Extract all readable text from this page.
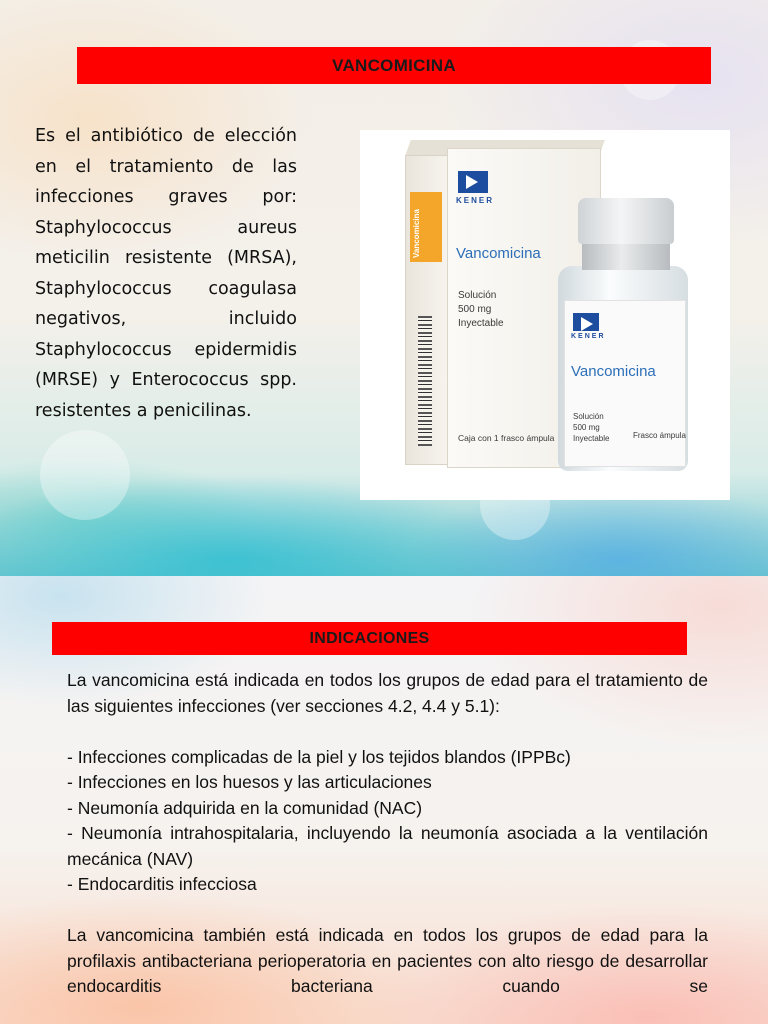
VANCOMICINA

Es el antibiótico de elección en el tratamiento de las infecciones graves por: Staphylococcus aureus meticilin resistente (MRSA), Staphylococcus coagulasa negativos, incluido Staphylococcus epidermidis (MRSE) y Enterococcus spp. resistentes a penicilinas.

Vancomicina
KENER
Vancomicina
Solución
500 mg
Inyectable
Caja con 1 frasco ámpula
KENER
Vancomicina
Solución
500 mg
Inyectable	Frasco ámpula
INDICACIONES

La vancomicina está indicada en todos los grupos de edad para el tratamiento de las siguientes infecciones (ver secciones 4.2, 4.4 y 5.1):

- Infecciones complicadas de la piel y los tejidos blandos (IPPBc)

- Infecciones en los huesos y las articulaciones

- Neumonía adquirida en la comunidad (NAC)

- Neumonía intrahospitalaria, incluyendo la neumonía asociada a la ventilación mecánica (NAV)

- Endocarditis infecciosa

La vancomicina también está indicada en todos los grupos de edad para la profilaxis antibacteriana perioperatoria en pacientes con alto riesgo de desarrollar endocarditis bacteriana cuando se
